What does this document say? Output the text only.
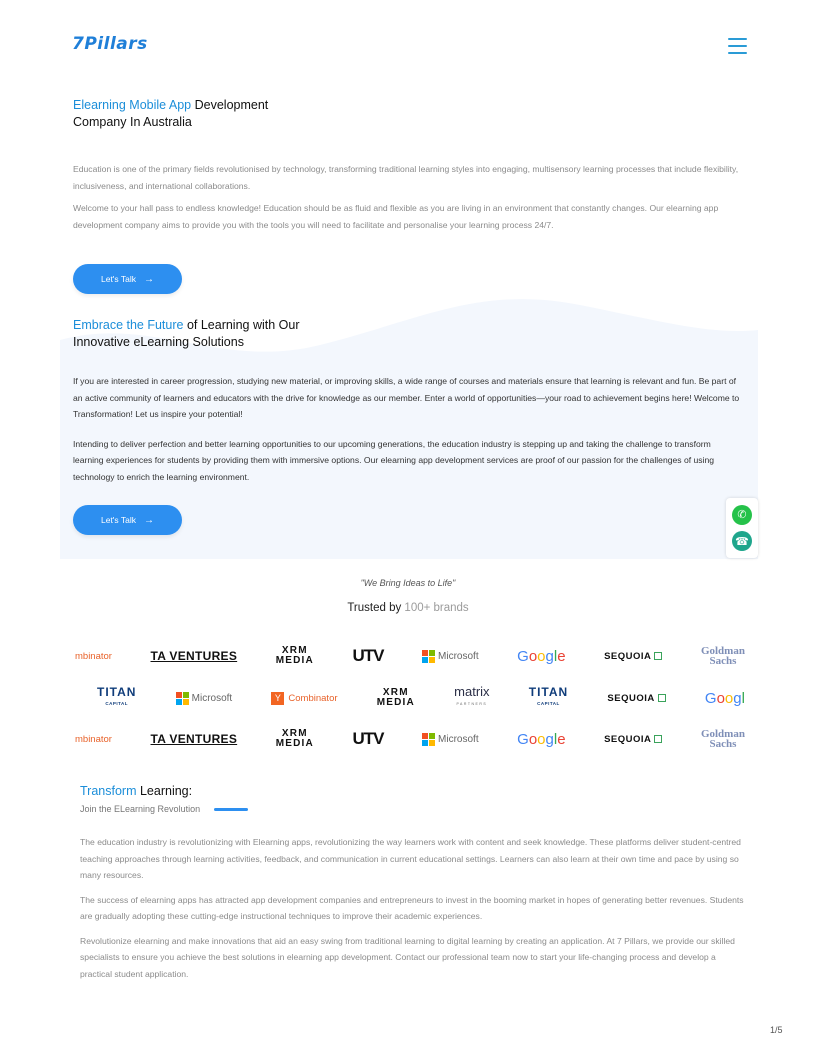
7Pillars
Elearning Mobile App Development
Company In Australia

Education is one of the primary fields revolutionised by technology, transforming traditional learning styles into engaging, multisensory learning processes that include flexibility, inclusiveness, and international collaborations.

Welcome to your hall pass to endless knowledge! Education should be as fluid and flexible as you are living in an environment that constantly changes. Our elearning app development company aims to provide you with the tools you will need to facilitate and personalise your learning process 24/7.

Let's Talk →
Embrace the Future of Learning with Our
Innovative eLearning Solutions

If you are interested in career progression, studying new material, or improving skills, a wide range of courses and materials ensure that learning is relevant and fun. Be part of an active community of learners and educators with the drive for knowledge as our member. Enter a world of opportunities—your road to achievement begins here! Welcome to Transformation! Let us inspire your potential!

Intending to deliver perfection and better learning opportunities to our upcoming generations, the education industry is stepping up and taking the challenge to transform learning experiences for students by providing them with immersive options. Our elearning app development services are proof of our passion for the challenges of using technology to enrich the learning environment.

Let's Talk →	✆
☎
"We Bring Ideas to Life"
Trusted by 100+ brands
mbinator	TA VENTURES	XRM
MEDIA UTV	Microsoft	Google	SEQUOIA	Goldman
Sachs
TITAN
CAPITAL	Microsoft	Y Combinator	XRM
MEDIA
matrix
PARTNERS
TITAN
CAPITAL	SEQUOIA	Googl
mbinator	TA VENTURES	XRM
MEDIA UTV	Microsoft	Google	SEQUOIA	Goldman
Sachs
Transform Learning:
Join the ELearning Revolution

The education industry is revolutionizing with Elearning apps, revolutionizing the way learners work with content and seek knowledge. These platforms deliver student-centred teaching approaches through learning activities, feedback, and communication in current educational settings. Learners can also learn at their own time and pace by using so many resources.

The success of elearning apps has attracted app development companies and entrepreneurs to invest in the booming market in hopes of generating better revenues. Students are gradually adopting these cutting-edge instructional techniques to improve their academic experiences.

Revolutionize elearning and make innovations that aid an easy swing from traditional learning to digital learning by creating an application. At 7 Pillars, we provide our skilled specialists to ensure you achieve the best solutions in elearning app development. Contact our professional team now to start your life-changing process and develop a practical student application.

1/5
